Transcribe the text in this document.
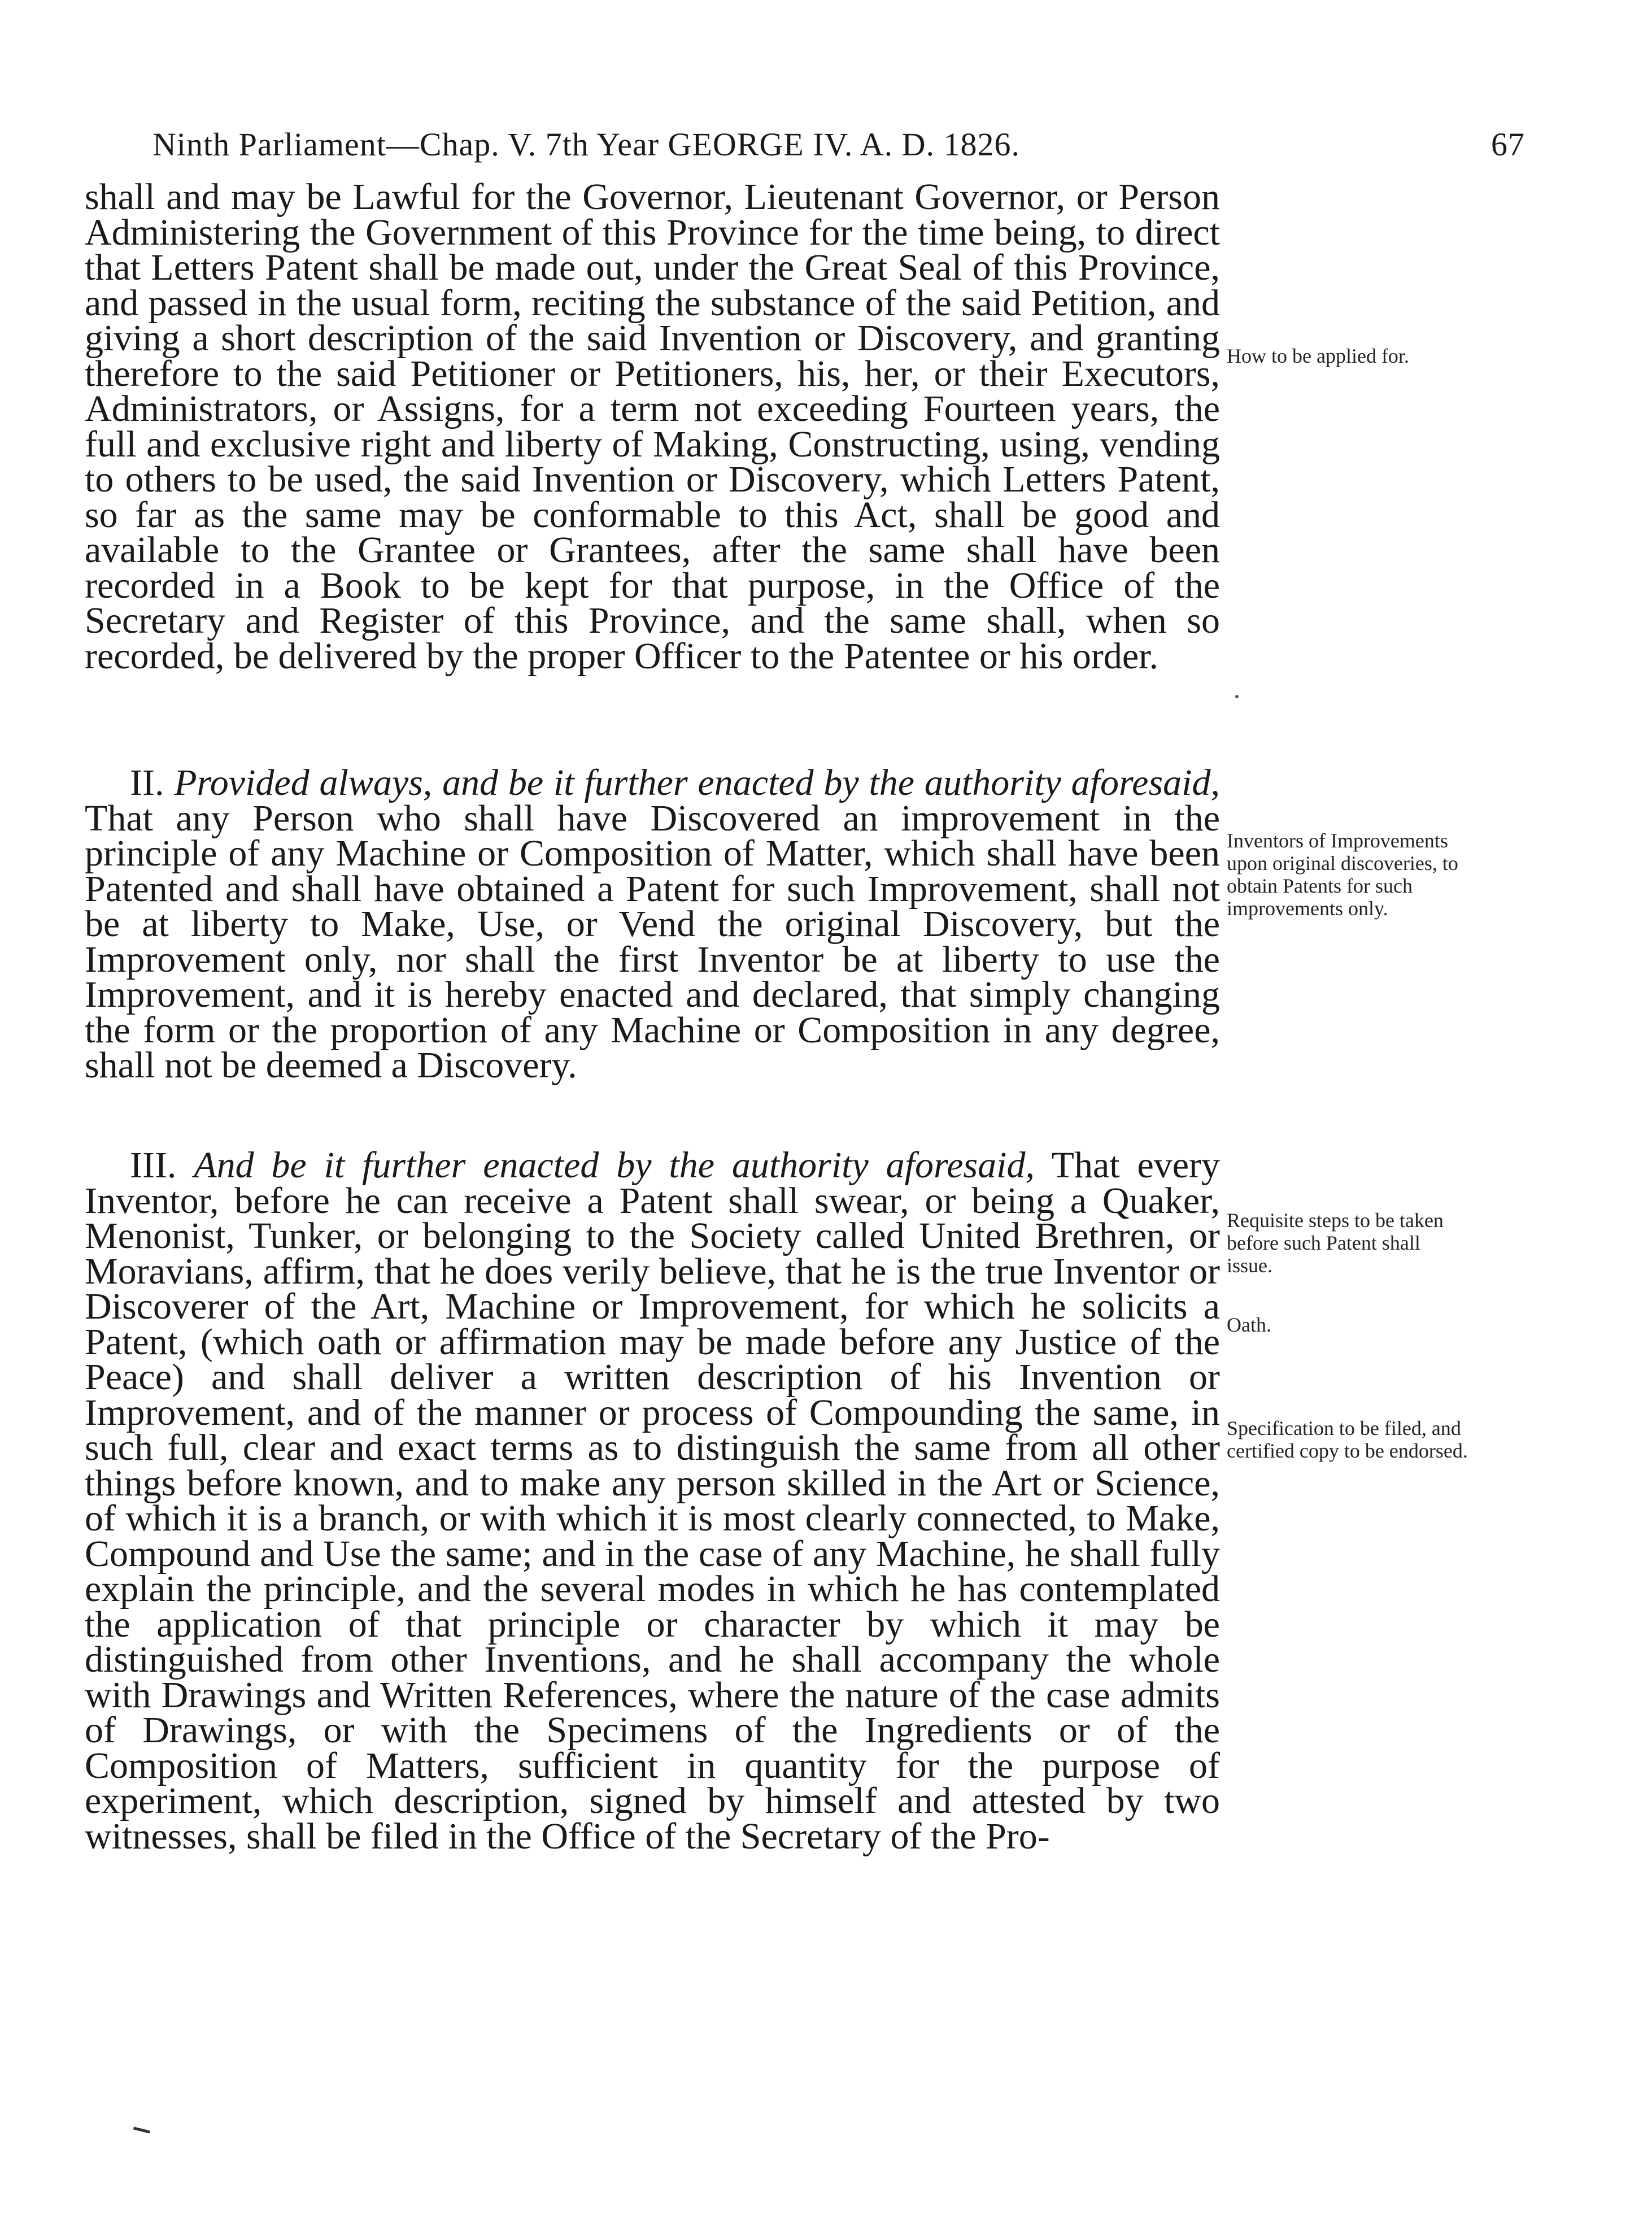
Ninth Parliament—Chap. V. 7th Year GEORGE IV. A. D. 1826.	67

shall and may be Lawful for the Governor, Lieutenant Governor, or Person Administering the Government of this Province for the time being, to direct that Letters Patent shall be made out, under the Great Seal of this Province, and passed in the usual form, reciting the substance of the said Petition, and giving a short description of the said Invention or Discovery, and granting therefore to the said Petitioner or Petitioners, his, her, or their Executors, Administrators, or Assigns, for a term not exceeding Fourteen years, the full and exclusive right and liberty of Making, Constructing, using, vending to others to be used, the said Invention or Discovery, which Letters Patent, so far as the same may be conformable to this Act, shall be good and available to the Grantee or Grantees, after the same shall have been recorded in a Book to be kept for that purpose, in the Office of the Secretary and Register of this Province, and the same shall, when so recorded, be delivered by the proper Officer to the Patentee or his order.

II. Provided always, and be it further enacted by the authority aforesaid, That any Person who shall have Discovered an improvement in the principle of any Machine or Composition of Matter, which shall have been Patented and shall have obtained a Patent for such Improvement, shall not be at liberty to Make, Use, or Vend the original Discovery, but the Improvement only, nor shall the first Inventor be at liberty to use the Improvement, and it is hereby enacted and declared, that simply changing the form or the proportion of any Machine or Composition in any degree, shall not be deemed a Discovery.

III. And be it further enacted by the authority aforesaid, That every Inventor, before he can receive a Patent shall swear, or being a Quaker, Menonist, Tunker, or belonging to the Society called United Brethren, or Moravians, affirm, that he does verily believe, that he is the true Inventor or Discoverer of the Art, Machine or Improvement, for which he solicits a Patent, (which oath or affirmation may be made before any Justice of the Peace) and shall deliver a written description of his Invention or Improvement, and of the manner or process of Compounding the same, in such full, clear and exact terms as to distinguish the same from all other things before known, and to make any person skilled in the Art or Science, of which it is a branch, or with which it is most clearly connected, to Make, Compound and Use the same; and in the case of any Machine, he shall fully explain the principle, and the several modes in which he has contemplated the application of that principle or character by which it may be distinguished from other Inventions, and he shall accompany the whole with Drawings and Written References, where the nature of the case admits of Drawings, or with the Specimens of the Ingredients or of the Composition of Matters, sufficient in quantity for the purpose of experiment, which description, signed by himself and attested by two witnesses, shall be filed in the Office of the Secretary of the Pro-

How to be applied for.
Inventors of Improvements upon original discoveries, to obtain Patents for such improvements only.
Requisite steps to be taken before such Patent shall issue.
Oath.
Specification to be filed, and certified copy to be endorsed.
